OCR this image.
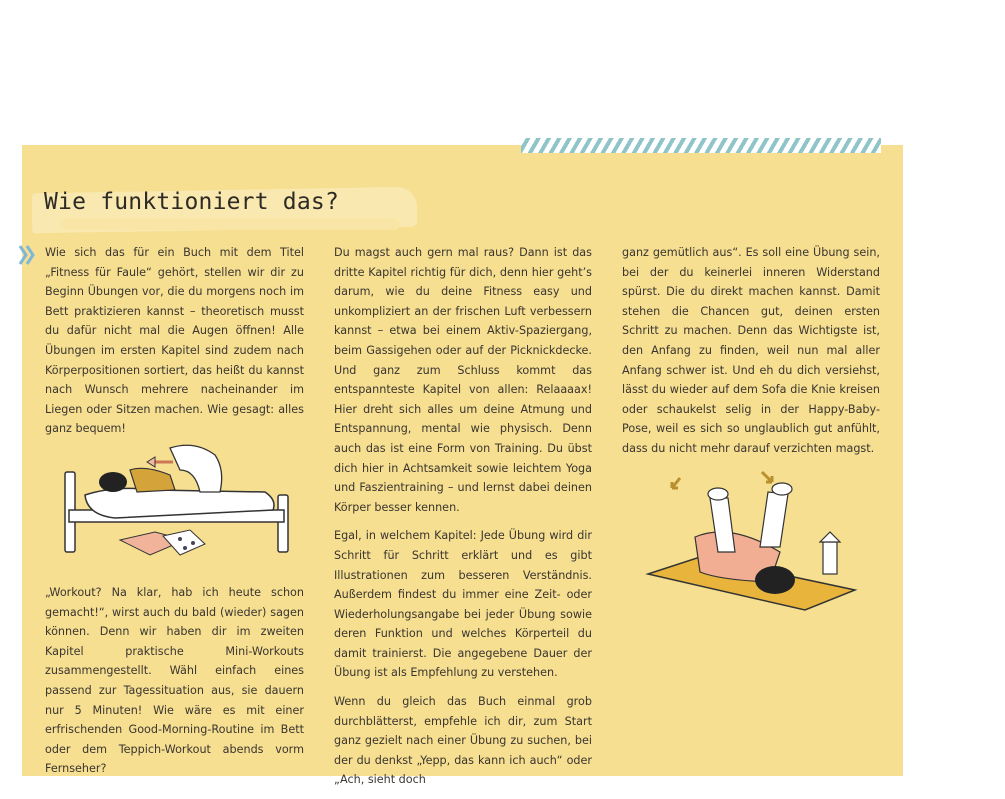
Wie funktioniert das?

Wie sich das für ein Buch mit dem Titel „Fitness für Faule“ gehört, stellen wir dir zu Beginn Übungen vor, die du morgens noch im Bett praktizieren kannst – theoretisch musst du dafür nicht mal die Augen öffnen! Alle Übungen im ersten Kapitel sind zudem nach Körperpositionen sortiert, das heißt du kannst nach Wunsch mehrere nacheinander im Liegen oder Sitzen machen. Wie gesagt: alles ganz bequem!

„Workout? Na klar, hab ich heute schon gemacht!“, wirst auch du bald (wieder) sagen können. Denn wir haben dir im zweiten Kapitel praktische Mini-Workouts zusammengestellt. Wähl einfach eines passend zur Tagessituation aus, sie dauern nur 5 Minuten! Wie wäre es mit einer erfrischenden Good-Morning-Routine im Bett oder dem Teppich-Workout abends vorm Fernseher?

Du magst auch gern mal raus? Dann ist das dritte Kapitel richtig für dich, denn hier geht’s darum, wie du deine Fitness easy und unkompliziert an der frischen Luft verbessern kannst – etwa bei einem Aktiv-Spaziergang, beim Gassigehen oder auf der Picknickdecke. Und ganz zum Schluss kommt das entspannteste Kapitel von allen: Relaaaax! Hier dreht sich alles um deine Atmung und Entspannung, mental wie physisch. Denn auch das ist eine Form von Training. Du übst dich hier in Achtsamkeit sowie leichtem Yoga und Faszientraining – und lernst dabei deinen Körper besser kennen.

Egal, in welchem Kapitel: Jede Übung wird dir Schritt für Schritt erklärt und es gibt Illustrationen zum besseren Verständnis. Außerdem findest du immer eine Zeit- oder Wiederholungsangabe bei jeder Übung sowie deren Funktion und welches Körperteil du damit trainierst. Die angegebene Dauer der Übung ist als Empfehlung zu verstehen.

Wenn du gleich das Buch einmal grob durchblätterst, empfehle ich dir, zum Start ganz gezielt nach einer Übung zu suchen, bei der du denkst „Yepp, das kann ich auch“ oder „Ach, sieht doch

ganz gemütlich aus“. Es soll eine Übung sein, bei der du keinerlei inneren Widerstand spürst. Die du direkt machen kannst. Damit stehen die Chancen gut, deinen ersten Schritt zu machen. Denn das Wichtigste ist, den Anfang zu finden, weil nun mal aller Anfang schwer ist. Und eh du dich versiehst, lässt du wieder auf dem Sofa die Knie kreisen oder schaukelst selig in der Happy-Baby-Pose, weil es sich so unglaublich gut anfühlt, dass du nicht mehr darauf verzichten magst.
